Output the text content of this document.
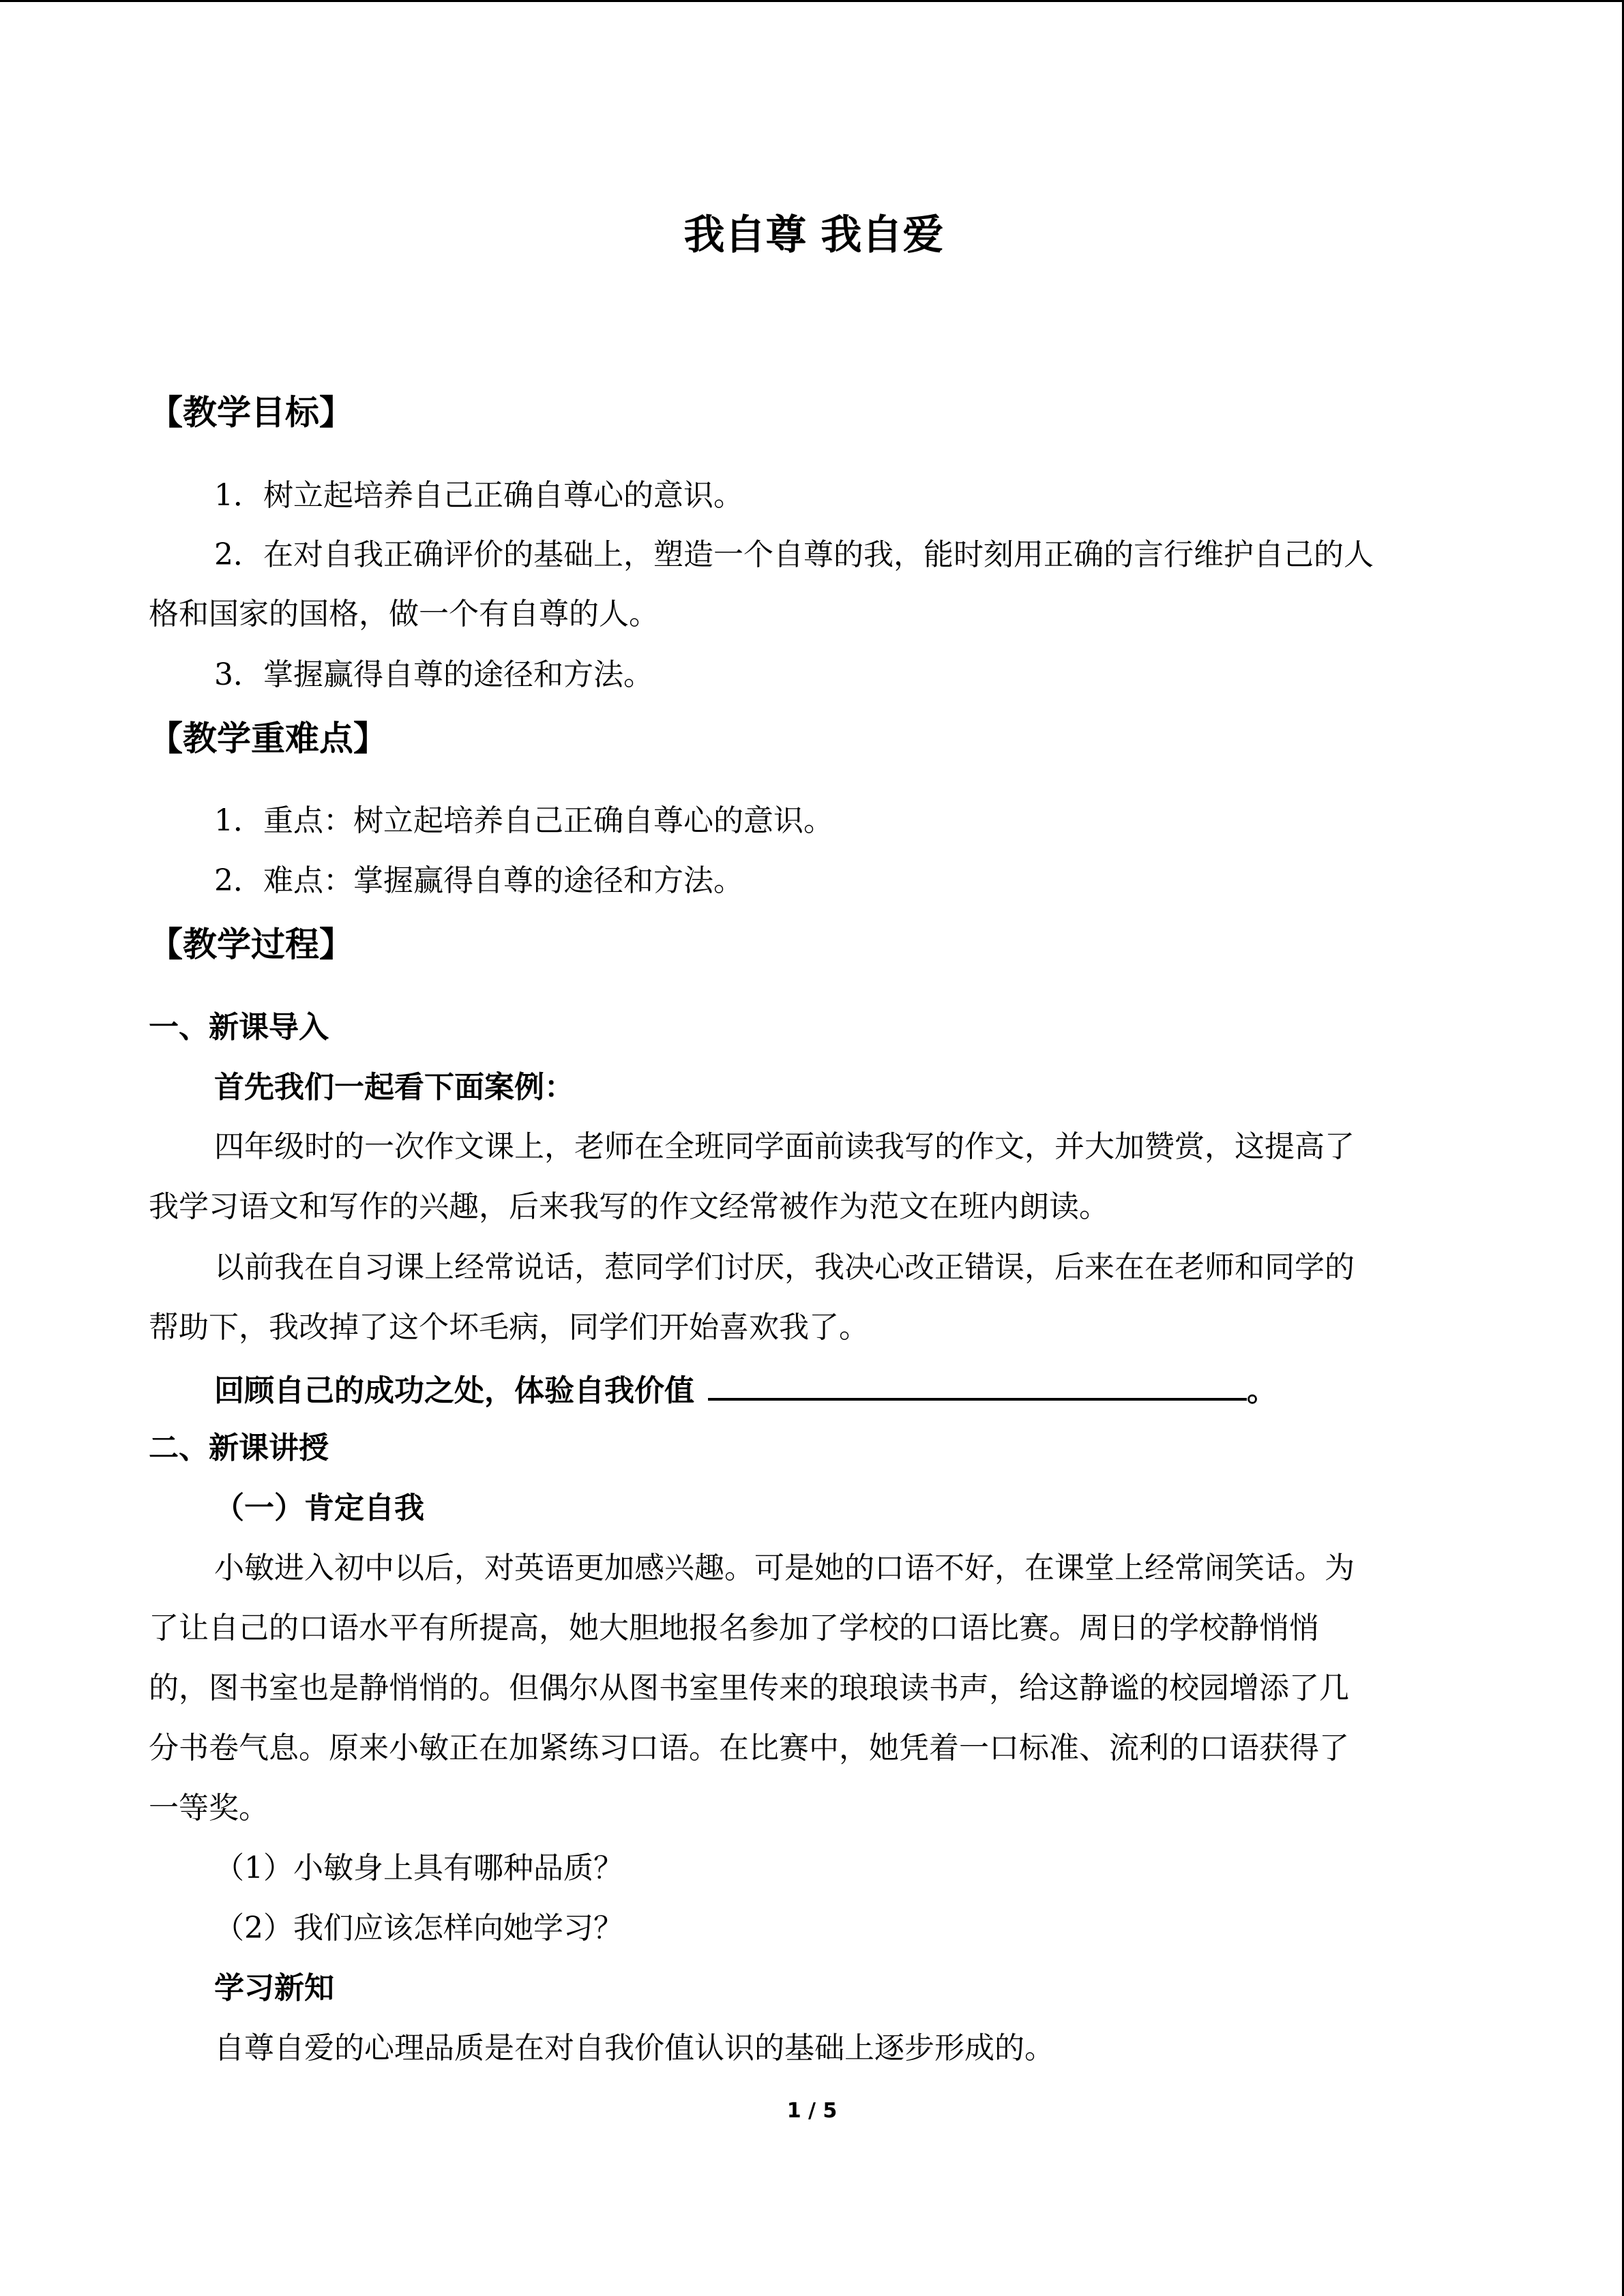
我自尊 我自爱
【教学目标】
1．树立起培养自己正确自尊心的意识。
2．在对自我正确评价的基础上，塑造一个自尊的我，能时刻用正确的言行维护自己的人
格和国家的国格，做一个有自尊的人。
3．掌握赢得自尊的途径和方法。
【教学重难点】
1．重点：树立起培养自己正确自尊心的意识。
2．难点：掌握赢得自尊的途径和方法。
【教学过程】
一、新课导入
首先我们一起看下面案例：
四年级时的一次作文课上，老师在全班同学面前读我写的作文，并大加赞赏，这提高了
我学习语文和写作的兴趣，后来我写的作文经常被作为范文在班内朗读。
以前我在自习课上经常说话，惹同学们讨厌，我决心改正错误，后来在在老师和同学的
帮助下，我改掉了这个坏毛病，同学们开始喜欢我了。
回顾自己的成功之处，体验自我价值	。
二、新课讲授
（一）肯定自我
小敏进入初中以后，对英语更加感兴趣。可是她的口语不好，在课堂上经常闹笑话。为
了让自己的口语水平有所提高，她大胆地报名参加了学校的口语比赛。周日的学校静悄悄
的，图书室也是静悄悄的。但偶尔从图书室里传来的琅琅读书声，给这静谧的校园增添了几
分书卷气息。原来小敏正在加紧练习口语。在比赛中，她凭着一口标准、流利的口语获得了
一等奖。
（1）小敏身上具有哪种品质？
（2）我们应该怎样向她学习？
学习新知
自尊自爱的心理品质是在对自我价值认识的基础上逐步形成的。
1 / 5
